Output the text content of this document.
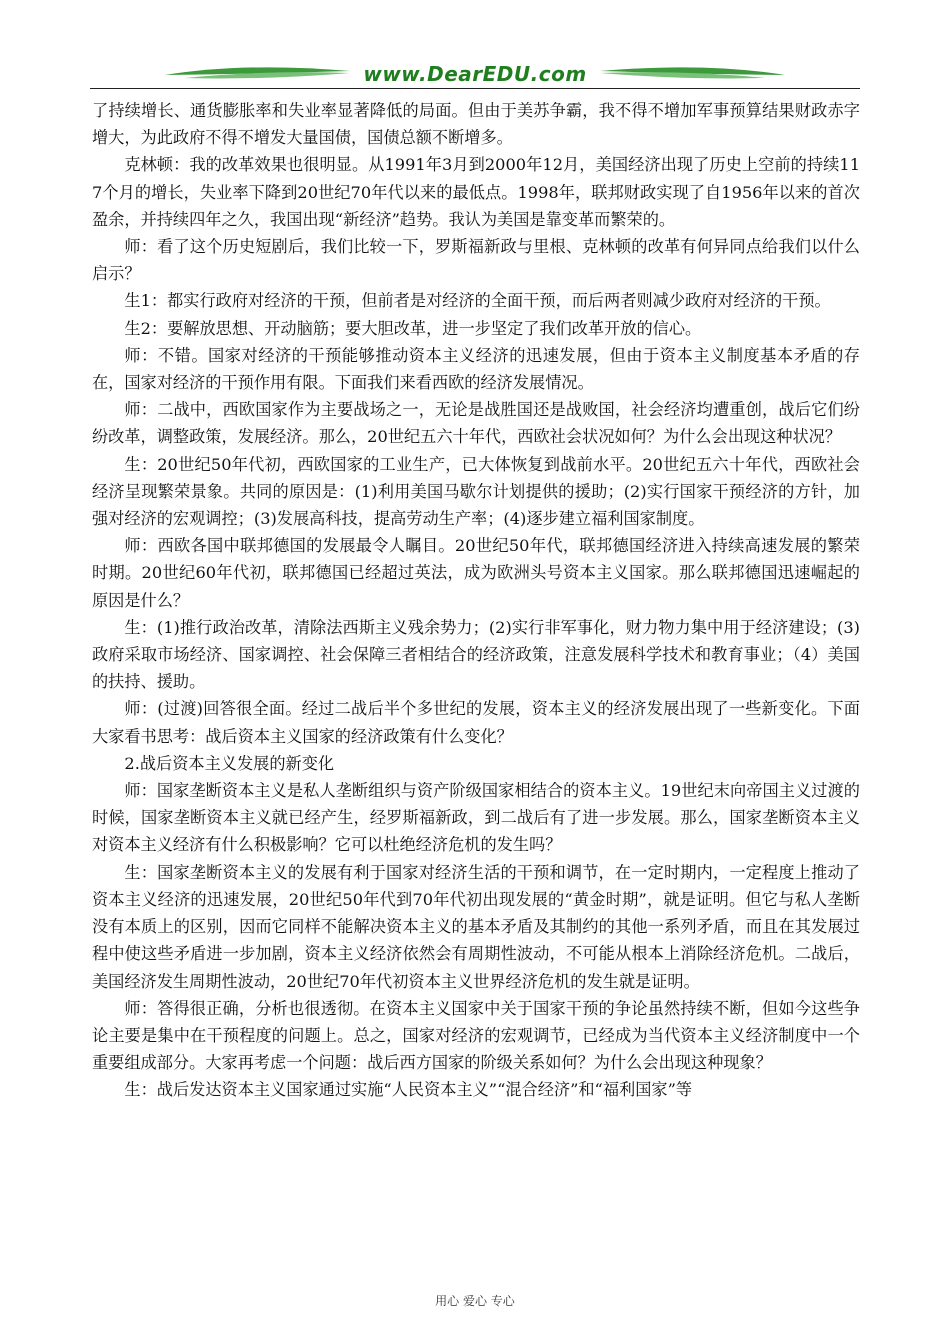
www.DearEDU.com

了持续增长、通货膨胀率和失业率显著降低的局面。但由于美苏争霸，我不得不增加军事预算结果财政赤字增大，为此政府不得不增发大量国债，国债总额不断增多。

克林顿：我的改革效果也很明显。从1991年3月到2000年12月，美国经济出现了历史上空前的持续117个月的增长，失业率下降到20世纪70年代以来的最低点。1998年，联邦财政实现了自1956年以来的首次盈余，并持续四年之久，我国出现“新经济”趋势。我认为美国是靠变革而繁荣的。

师：看了这个历史短剧后，我们比较一下，罗斯福新政与里根、克林顿的改革有何异同点给我们以什么启示？

生1：都实行政府对经济的干预，但前者是对经济的全面干预，而后两者则减少政府对经济的干预。

生2：要解放思想、开动脑筋；要大胆改革，进一步坚定了我们改革开放的信心。

师：不错。国家对经济的干预能够推动资本主义经济的迅速发展，但由于资本主义制度基本矛盾的存在，国家对经济的干预作用有限。下面我们来看西欧的经济发展情况。

师：二战中，西欧国家作为主要战场之一，无论是战胜国还是战败国，社会经济均遭重创，战后它们纷纷改革，调整政策，发展经济。那么，20世纪五六十年代，西欧社会状况如何？为什么会出现这种状况？

生：20世纪50年代初，西欧国家的工业生产，已大体恢复到战前水平。20世纪五六十年代，西欧社会经济呈现繁荣景象。共同的原因是：(1)利用美国马歇尔计划提供的援助；(2)实行国家干预经济的方针，加强对经济的宏观调控；(3)发展高科技，提高劳动生产率；(4)逐步建立福利国家制度。

师：西欧各国中联邦德国的发展最令人瞩目。20世纪50年代，联邦德国经济进入持续高速发展的繁荣时期。20世纪60年代初，联邦德国已经超过英法，成为欧洲头号资本主义国家。那么联邦德国迅速崛起的原因是什么？

生：(1)推行政治改革，清除法西斯主义残余势力；(2)实行非军事化，财力物力集中用于经济建设；(3)政府采取市场经济、国家调控、社会保障三者相结合的经济政策，注意发展科学技术和教育事业；（4）美国的扶持、援助。

师：(过渡)回答很全面。经过二战后半个多世纪的发展，资本主义的经济发展出现了一些新变化。下面大家看书思考：战后资本主义国家的经济政策有什么变化？

2.战后资本主义发展的新变化

师：国家垄断资本主义是私人垄断组织与资产阶级国家相结合的资本主义。19世纪末向帝国主义过渡的时候，国家垄断资本主义就已经产生，经罗斯福新政，到二战后有了进一步发展。那么，国家垄断资本主义对资本主义经济有什么积极影响？它可以杜绝经济危机的发生吗？

生：国家垄断资本主义的发展有利于国家对经济生活的干预和调节，在一定时期内，一定程度上推动了资本主义经济的迅速发展，20世纪50年代到70年代初出现发展的“黄金时期”，就是证明。但它与私人垄断没有本质上的区别，因而它同样不能解决资本主义的基本矛盾及其制约的其他一系列矛盾，而且在其发展过程中使这些矛盾进一步加剧，资本主义经济依然会有周期性波动，不可能从根本上消除经济危机。二战后，美国经济发生周期性波动，20世纪70年代初资本主义世界经济危机的发生就是证明。

师：答得很正确，分析也很透彻。在资本主义国家中关于国家干预的争论虽然持续不断，但如今这些争论主要是集中在干预程度的问题上。总之，国家对经济的宏观调节，已经成为当代资本主义经济制度中一个重要组成部分。大家再考虑一个问题：战后西方国家的阶级关系如何？为什么会出现这种现象？

生：战后发达资本主义国家通过实施“人民资本主义”“混合经济”和“福利国家”等

用心 爱心 专心
